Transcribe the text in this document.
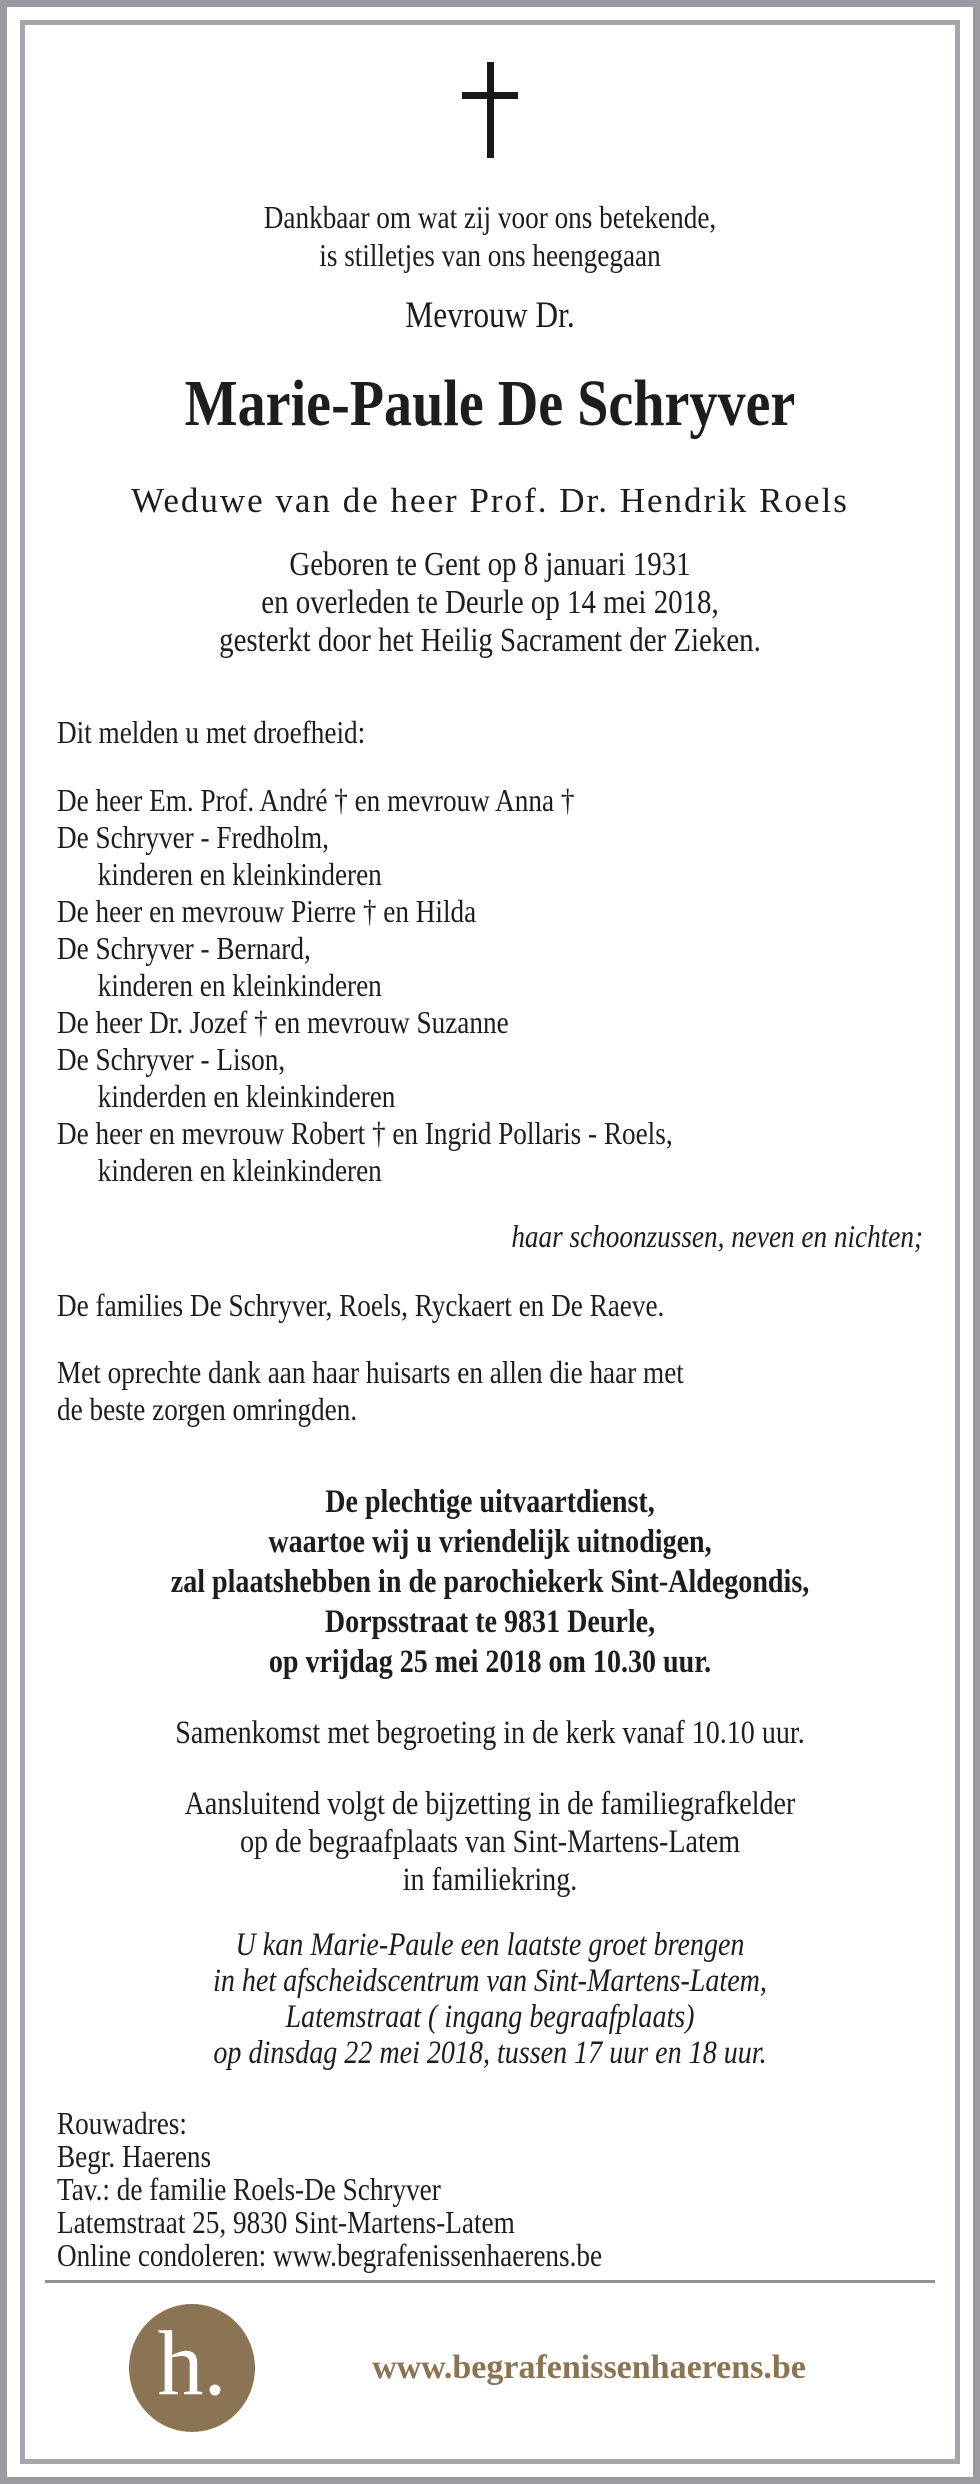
Dankbaar om wat zij voor ons betekende,
is stilletjes van ons heengegaan
Mevrouw Dr.
Marie-Paule De Schryver
Weduwe van de heer Prof. Dr. Hendrik Roels
Geboren te Gent op 8 januari 1931
en overleden te Deurle op 14 mei 2018,
gesterkt door het Heilig Sacrament der Zieken.
Dit melden u met droefheid:
De heer Em. Prof. André † en mevrouw Anna †
De Schryver - Fredholm,
kinderen en kleinkinderen
De heer en mevrouw Pierre † en Hilda
De Schryver - Bernard,
kinderen en kleinkinderen
De heer Dr. Jozef † en mevrouw Suzanne
De Schryver - Lison,
kinderden en kleinkinderen
De heer en mevrouw Robert † en Ingrid Pollaris - Roels,
kinderen en kleinkinderen
haar schoonzussen, neven en nichten;
De families De Schryver, Roels, Ryckaert en De Raeve.
Met oprechte dank aan haar huisarts en allen die haar met
de beste zorgen omringden.
De plechtige uitvaartdienst,
waartoe wij u vriendelijk uitnodigen,
zal plaatshebben in de parochiekerk Sint-Aldegondis,
Dorpsstraat te 9831 Deurle,
op vrijdag 25 mei 2018 om 10.30 uur.
Samenkomst met begroeting in de kerk vanaf 10.10 uur.
Aansluitend volgt de bijzetting in de familiegrafkelder
op de begraafplaats van Sint-Martens-Latem
in familiekring.
U kan Marie-Paule een laatste groet brengen
in het afscheidscentrum van Sint-Martens-Latem,
Latemstraat ( ingang begraafplaats)
op dinsdag 22 mei 2018, tussen 17 uur en 18 uur.
Rouwadres:
Begr. Haerens
Tav.: de familie Roels-De Schryver
Latemstraat 25, 9830 Sint-Martens-Latem
Online condoleren: www.begrafenissenhaerens.be
h.	www.begrafenissenhaerens.be
